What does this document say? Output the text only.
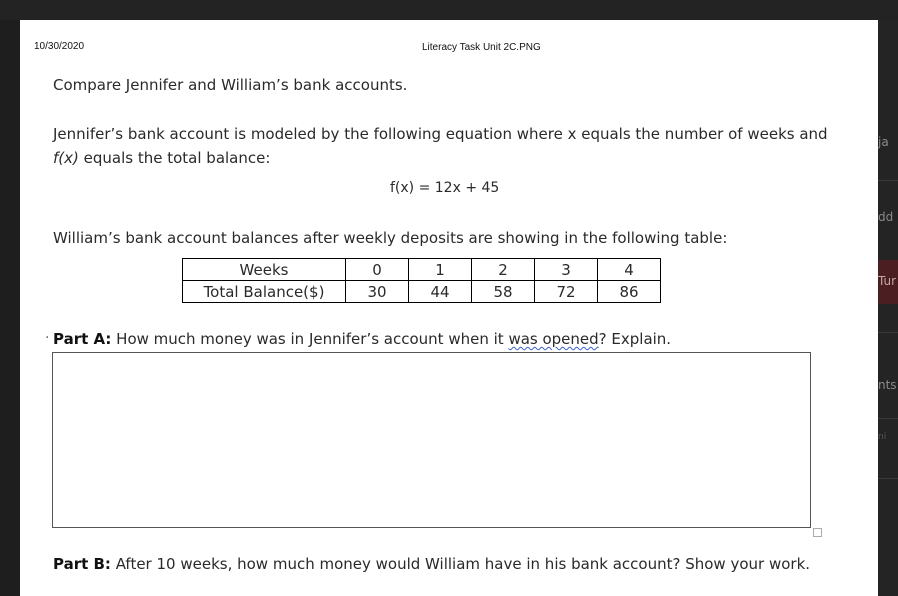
ja
dd
Tur
nts
ni
10/30/2020	Literacy Task Unit 2C.PNG
Compare Jennifer and William’s bank accounts.
Jennifer’s bank account is modeled by the following equation where x equals the number of weeks and f(x) equals the total balance:
f(x) = 12x + 45
William’s bank account balances after weekly deposits are showing in the following table:
Weeks	0	1	2	3	4
Total Balance($)	30	44	58	72	86
· Part A: How much money was in Jennifer’s account when it was opened? Explain.
Part B: After 10 weeks, how much money would William have in his bank account? Show your work.
